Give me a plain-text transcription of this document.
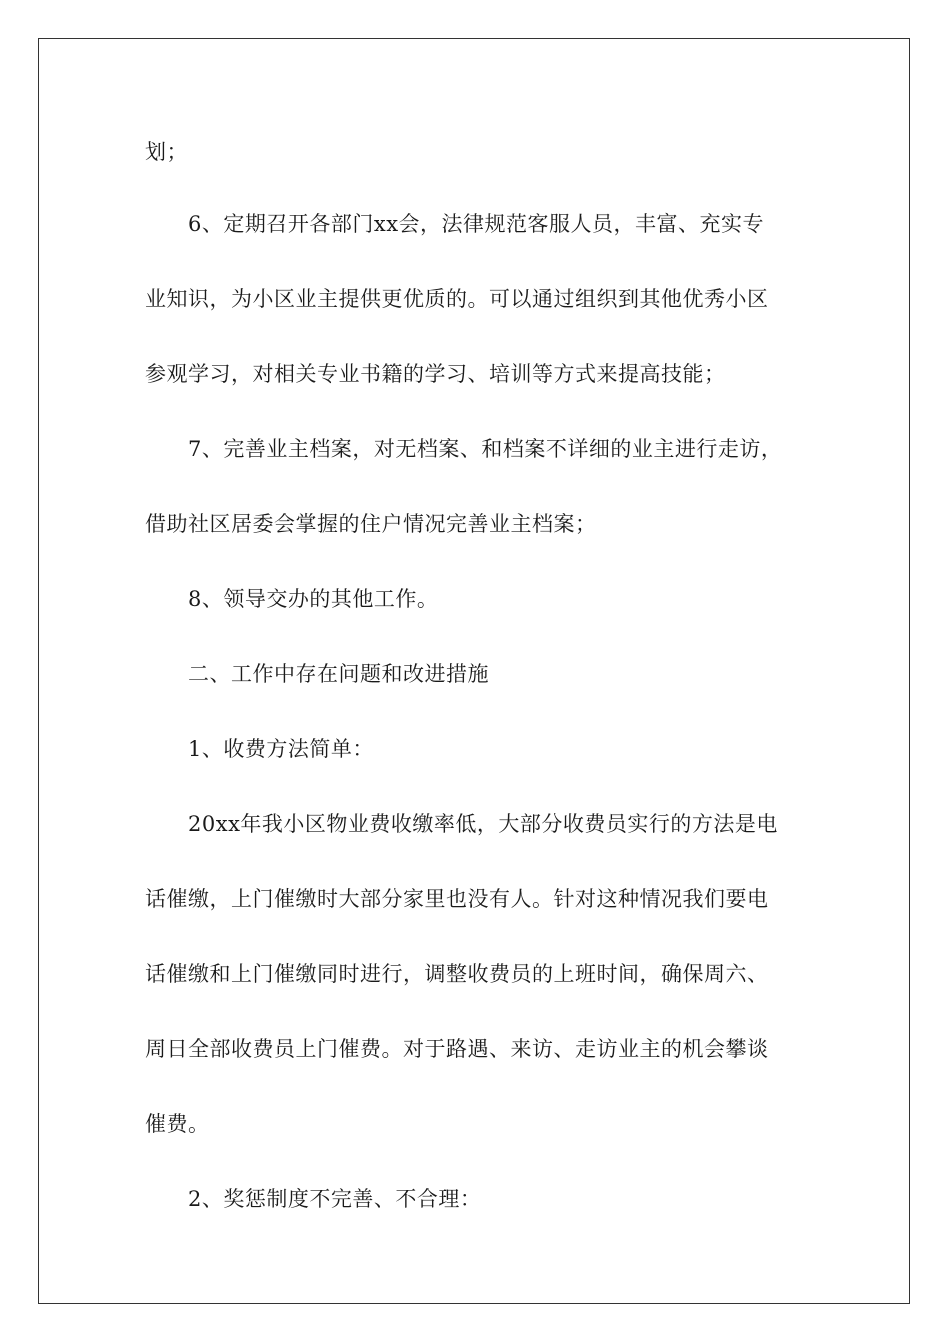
划；
6、定期召开各部门xx会，法律规范客服人员，丰富、充实专
业知识，为小区业主提供更优质的。可以通过组织到其他优秀小区
参观学习，对相关专业书籍的学习、培训等方式来提高技能；
7、完善业主档案，对无档案、和档案不详细的业主进行走访，
借助社区居委会掌握的住户情况完善业主档案；
8、领导交办的其他工作。
二、工作中存在问题和改进措施
1、收费方法简单：
20xx年我小区物业费收缴率低，大部分收费员实行的方法是电
话催缴，上门催缴时大部分家里也没有人。针对这种情况我们要电
话催缴和上门催缴同时进行，调整收费员的上班时间，确保周六、
周日全部收费员上门催费。对于路遇、来访、走访业主的机会攀谈
催费。
2、奖惩制度不完善、不合理：
